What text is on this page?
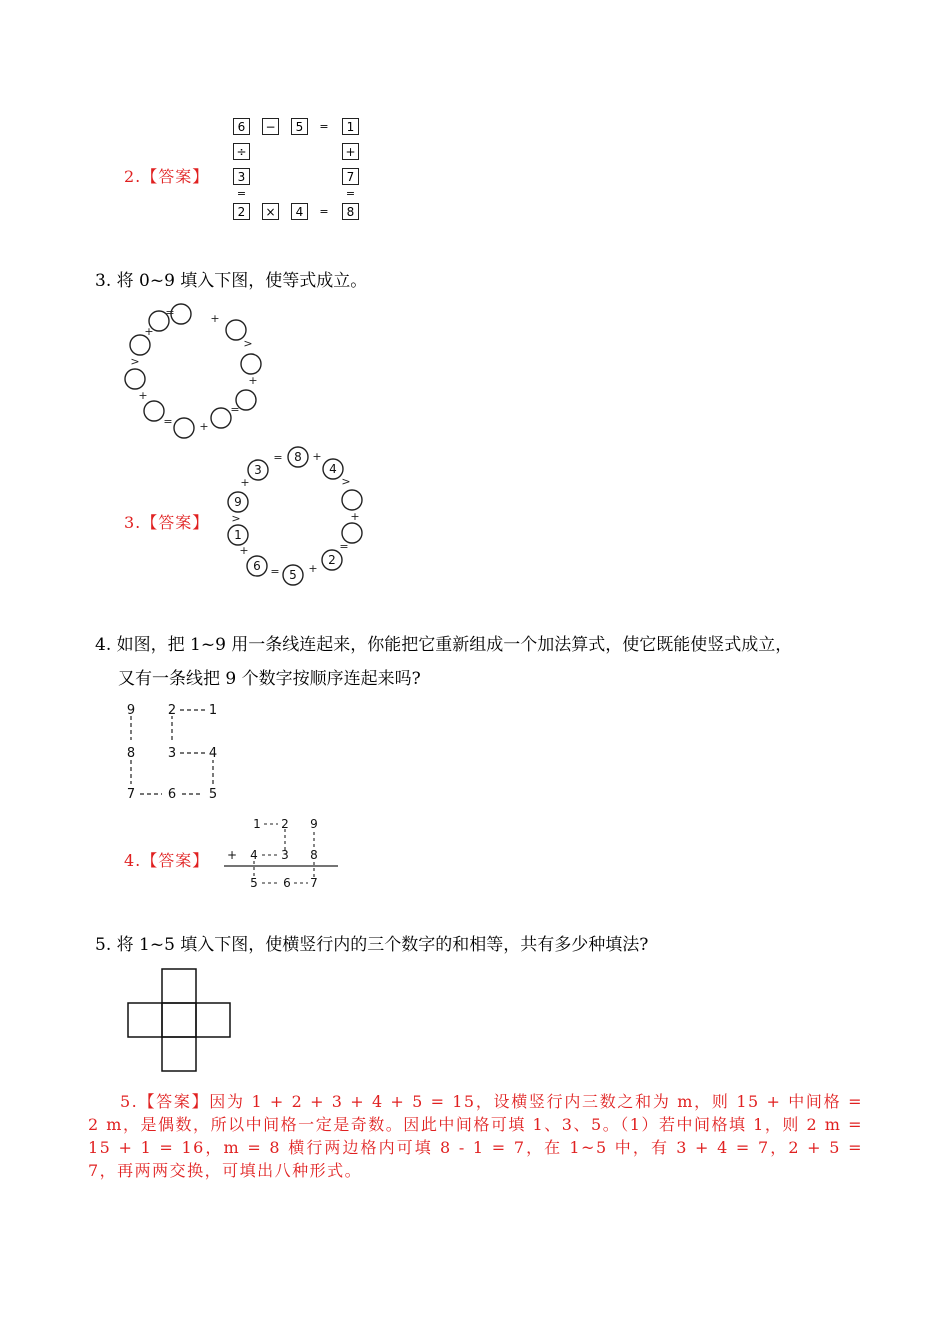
2.【答案】
6	−	5	=	1
÷
3
=
+
7
=
2	×	4	=	8
3. 将 0~9 填入下图，使等式成立。
=	+
>
+
=
+
=
+
>
+
3.【答案】
3
8
4
2
5
6
1
9
=	+
>
+
=
+
=
+
>
+
4. 如图，把 1~9 用一条线连起来，你能把它重新组成一个加法算式，使它既能使竖式成立，
又有一条线把 9 个数字按顺序连起来吗?
9	2	1
8	3	4
7	6	5
4.【答案】 +
1 2 9
4 3 8
5 6 7
5. 将 1~5 填入下图，使横竖行内的三个数字的和相等，共有多少种填法?
5.【答案】因为 1 + 2 + 3 + 4 + 5 = 15，设横竖行内三数之和为 m，则 15 + 中间格 = 2 m，是偶数，所以中间格一定是奇数。因此中间格可填 1、3、5。（1）若中间格填 1，则 2 m = 15 + 1 = 16，m = 8 横行两边格内可填 8 - 1 = 7，在 1~5 中，有 3 + 4 = 7，2 + 5 = 7，再两两交换，可填出八种形式。
